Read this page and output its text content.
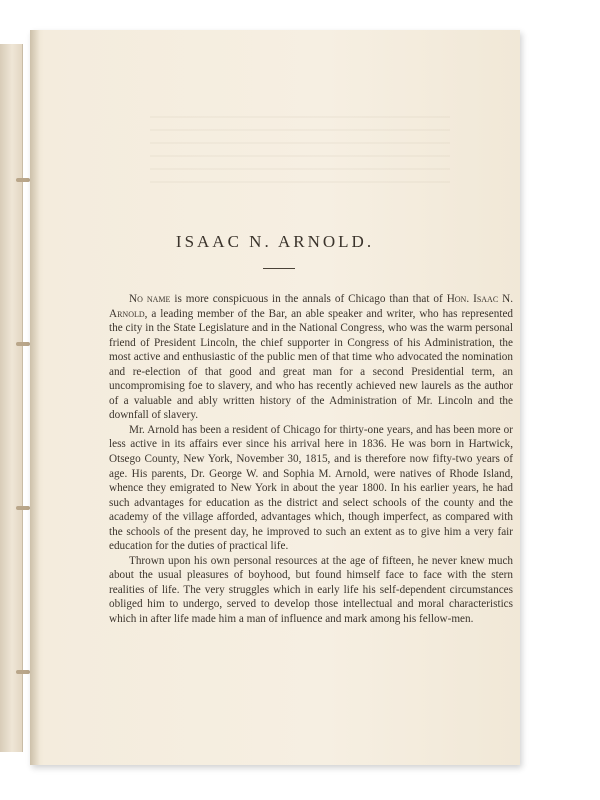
ISAAC N. ARNOLD.

No name is more conspicuous in the annals of Chicago than that of Hon. Isaac N. Arnold, a leading member of the Bar, an able speaker and writer, who has represented the city in the State Legislature and in the National Congress, who was the warm personal friend of President Lincoln, the chief supporter in Congress of his Administration, the most active and enthusiastic of the public men of that time who advocated the nomination and re-election of that good and great man for a second Presidential term, an uncompromising foe to slavery, and who has recently achieved new laurels as the author of a valuable and ably written history of the Administration of Mr. Lincoln and the downfall of slavery.

Mr. Arnold has been a resident of Chicago for thirty-one years, and has been more or less active in its affairs ever since his arrival here in 1836. He was born in Hartwick, Otsego County, New York, November 30, 1815, and is therefore now fifty-two years of age. His parents, Dr. George W. and Sophia M. Arnold, were natives of Rhode Island, whence they emigrated to New York in about the year 1800. In his earlier years, he had such advantages for education as the district and select schools of the county and the academy of the village afforded, advantages which, though imperfect, as compared with the schools of the present day, he improved to such an extent as to give him a very fair education for the duties of practical life.

Thrown upon his own personal resources at the age of fifteen, he never knew much about the usual pleasures of boyhood, but found himself face to face with the stern realities of life. The very struggles which in early life his self-dependent circumstances obliged him to undergo, served to develop those intellectual and moral characteristics which in after life made him a man of influence and mark among his fellow-men.
